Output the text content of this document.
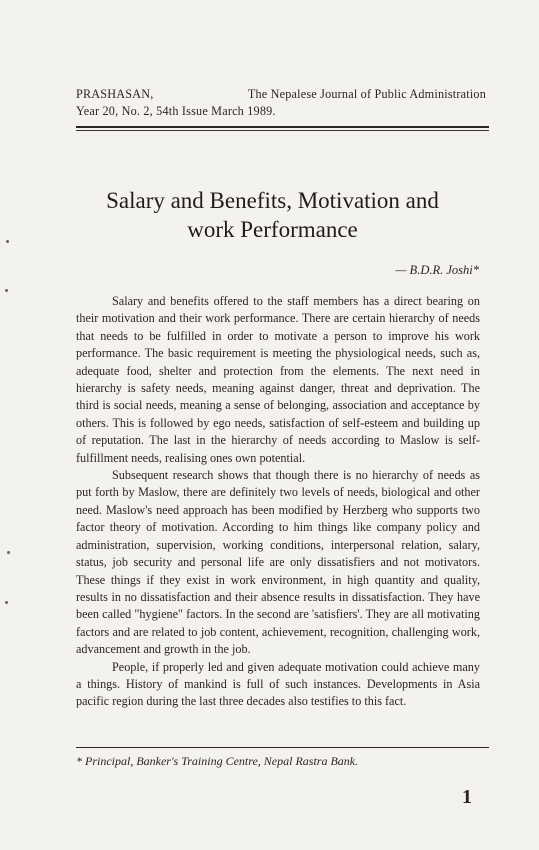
PRASHASAN,	The Nepalese Journal of Public Administration
Year 20, No. 2, 54th Issue March 1989.
Salary and Benefits, Motivation and
work Performance
— B.D.R. Joshi*

Salary and benefits offered to the staff members has a direct bearing on their motivation and their work performance. There are certain hierarchy of needs that needs to be fulfilled in order to motivate a person to improve his work performance. The basic requirement is meeting the physiological needs, such as, adequate food, shelter and protection from the elements. The next need in hierarchy is safety needs, meaning against danger, threat and deprivation. The third is social needs, meaning a sense of belonging, association and acceptance by others. This is followed by ego needs, satisfaction of self-esteem and building up of reputation. The last in the hierarchy of needs according to Maslow is self-fulfillment needs, realising ones own potential.

Subsequent research shows that though there is no hierarchy of needs as put forth by Maslow, there are definitely two levels of needs, biological and other need. Maslow's need approach has been modified by Herzberg who supports two factor theory of motivation. According to him things like company policy and administration, supervision, working conditions, interpersonal relation, salary, status, job security and personal life are only dissatisfiers and not motivators. These things if they exist in work environment, in high quantity and quality, results in no dissatisfaction and their absence results in dissatisfaction. They have been called "hygiene" factors. In the second are 'satisfiers'. They are all motivating factors and are related to job content, achievement, recognition, challenging work, advancement and growth in the job.

People, if properly led and given adequate motivation could achieve many a things. History of mankind is full of such instances. Developments in Asia pacific region during the last three decades also testifies to this fact.

* Principal, Banker's Training Centre, Nepal Rastra Bank.
1
